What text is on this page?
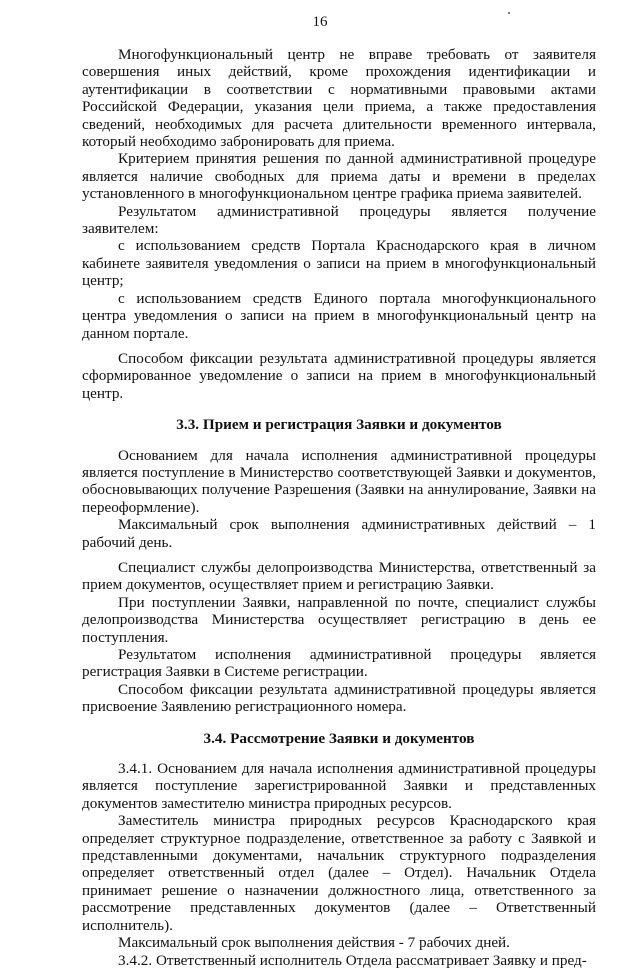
16

Многофункциональный центр не вправе требовать от заявителя совершения иных действий, кроме прохождения идентификации и аутентификации в соответствии с нормативными правовыми актами Российской Федерации, указания цели приема, а также предоставления сведений, необходимых для расчета длительности временного интервала, который необходимо забронировать для приема.

Критерием принятия решения по данной административной процедуре является наличие свободных для приема даты и времени в пределах установленного в многофункциональном центре графика приема заявителей.

Результатом административной процедуры является получение заявителем:

с использованием средств Портала Краснодарского края в личном кабинете заявителя уведомления о записи на прием в многофункциональный центр;

с использованием средств Единого портала многофункционального центра уведомления о записи на прием в многофункциональный центр на данном портале.

Способом фиксации результата административной процедуры является сформированное уведомление о записи на прием в многофункциональный центр.

3.3. Прием и регистрация Заявки и документов

Основанием для начала исполнения административной процедуры является поступление в Министерство соответствующей Заявки и документов, обосновывающих получение Разрешения (Заявки на аннулирование, Заявки на переоформление).

Максимальный срок выполнения административных действий – 1 рабочий день.

Специалист службы делопроизводства Министерства, ответственный за прием документов, осуществляет прием и регистрацию Заявки.

При поступлении Заявки, направленной по почте, специалист службы делопроизводства Министерства осуществляет регистрацию в день ее поступления.

Результатом исполнения административной процедуры является регистрация Заявки в Системе регистрации.

Способом фиксации результата административной процедуры является присвоение Заявлению регистрационного номера.

3.4. Рассмотрение Заявки и документов

3.4.1. Основанием для начала исполнения административной процедуры является поступление зарегистрированной Заявки и представленных документов заместителю министра природных ресурсов.

Заместитель министра природных ресурсов Краснодарского края определяет структурное подразделение, ответственное за работу с Заявкой и представленными документами, начальник структурного подразделения определяет ответственный отдел (далее – Отдел). Начальник Отдела принимает решение о назначении должностного лица, ответственного за рассмотрение представленных документов (далее – Ответственный исполнитель).

Максимальный срок выполнения действия - 7 рабочих дней.

3.4.2. Ответственный исполнитель Отдела рассматривает Заявку и пред-
